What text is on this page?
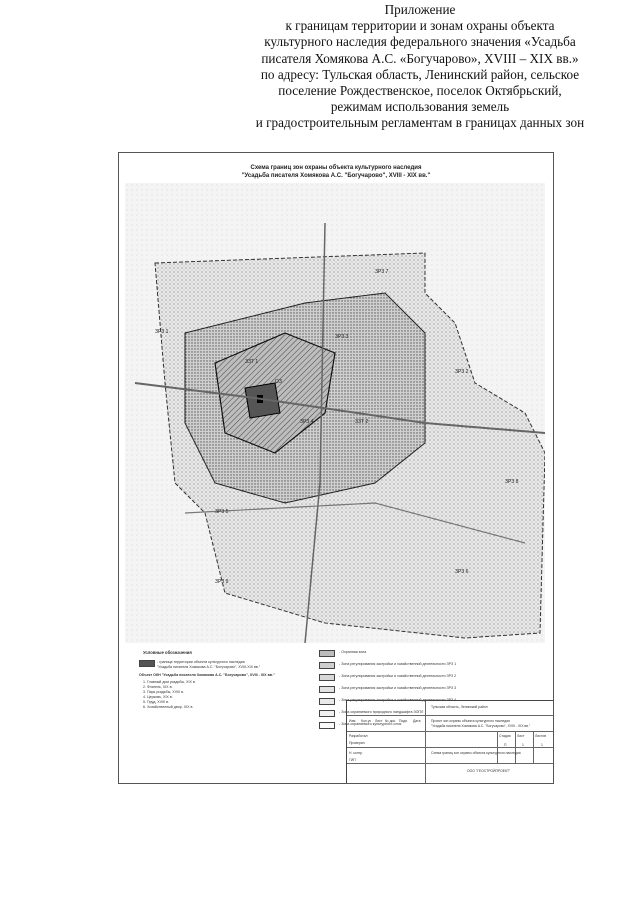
Приложение
к границам территории и зонам охраны объекта
культурного наследия федерального значения «Усадьба
писателя Хомякова А.С. «Богучарово», XVIII – XIX вв.»
по адресу: Тульская область, Ленинский район, сельское
поселение Рождественское, поселок Октябрьский,
режимам использования земель
и градостроительным регламентам в границах данных зон
Схема границ зон охраны объекта культурного наследия
"Усадьба писателя Хомякова А.С. "Богучарово", XVIII - XIX вв."
ЗРЗ 1
ЗРЗ 2
ЗРЗ 3
ЗРЗ 4
ЗРЗ 5
ЗРЗ 6
ЗЗТ 1
ЗЗТ 2
ОЗ
ЗРЗ 7
ЗРЗ 8
ЗРЗ 9
Условные обозначения
- граница территории объекта культурного наследия
"Усадьба писателя Хомякова А.С. "Богучарово", XVIII-XIX вв."
Объект ОКН "Усадьба писателя Хомякова А.С. "Богучарово", XVIII - XIX вв."
1. Главный дом усадьбы, XIX в.
2. Флигель, XIX в.
3. Парк усадьбы, XVIII в.
4. Церковь, XIX в.
5. Пруд, XVIII в.
6. Хозяйственный двор, XIX в.
- Охранная зона
- Зона регулирования застройки и хозяйственной деятельности ЗРЗ 1
- Зона регулирования застройки и хозяйственной деятельности ЗРЗ 2
- Зона регулирования застройки и хозяйственной деятельности ЗРЗ 3
- Зона регулирования застройки и хозяйственной деятельности ЗРЗ 4
- Зона охраняемого природного ландшафта ЗОПЛ
- Зона охраняемого культурного слоя
Тульская область, Ленинский район
Проект зон охраны объекта культурного наследия
"Усадьба писателя Хомякова А.С. "Богучарово", XVIII - XIX вв."
Стадия Лист	Листов
П	1	1
Схема границ зон охраны объекта культурного наследия
ООО "ГЕОСТРОЙПРОЕКТ"
Изм. Кол.уч Лист № док. Подп. Дата
Разработал
Проверил
Н. контр.
ГИП
